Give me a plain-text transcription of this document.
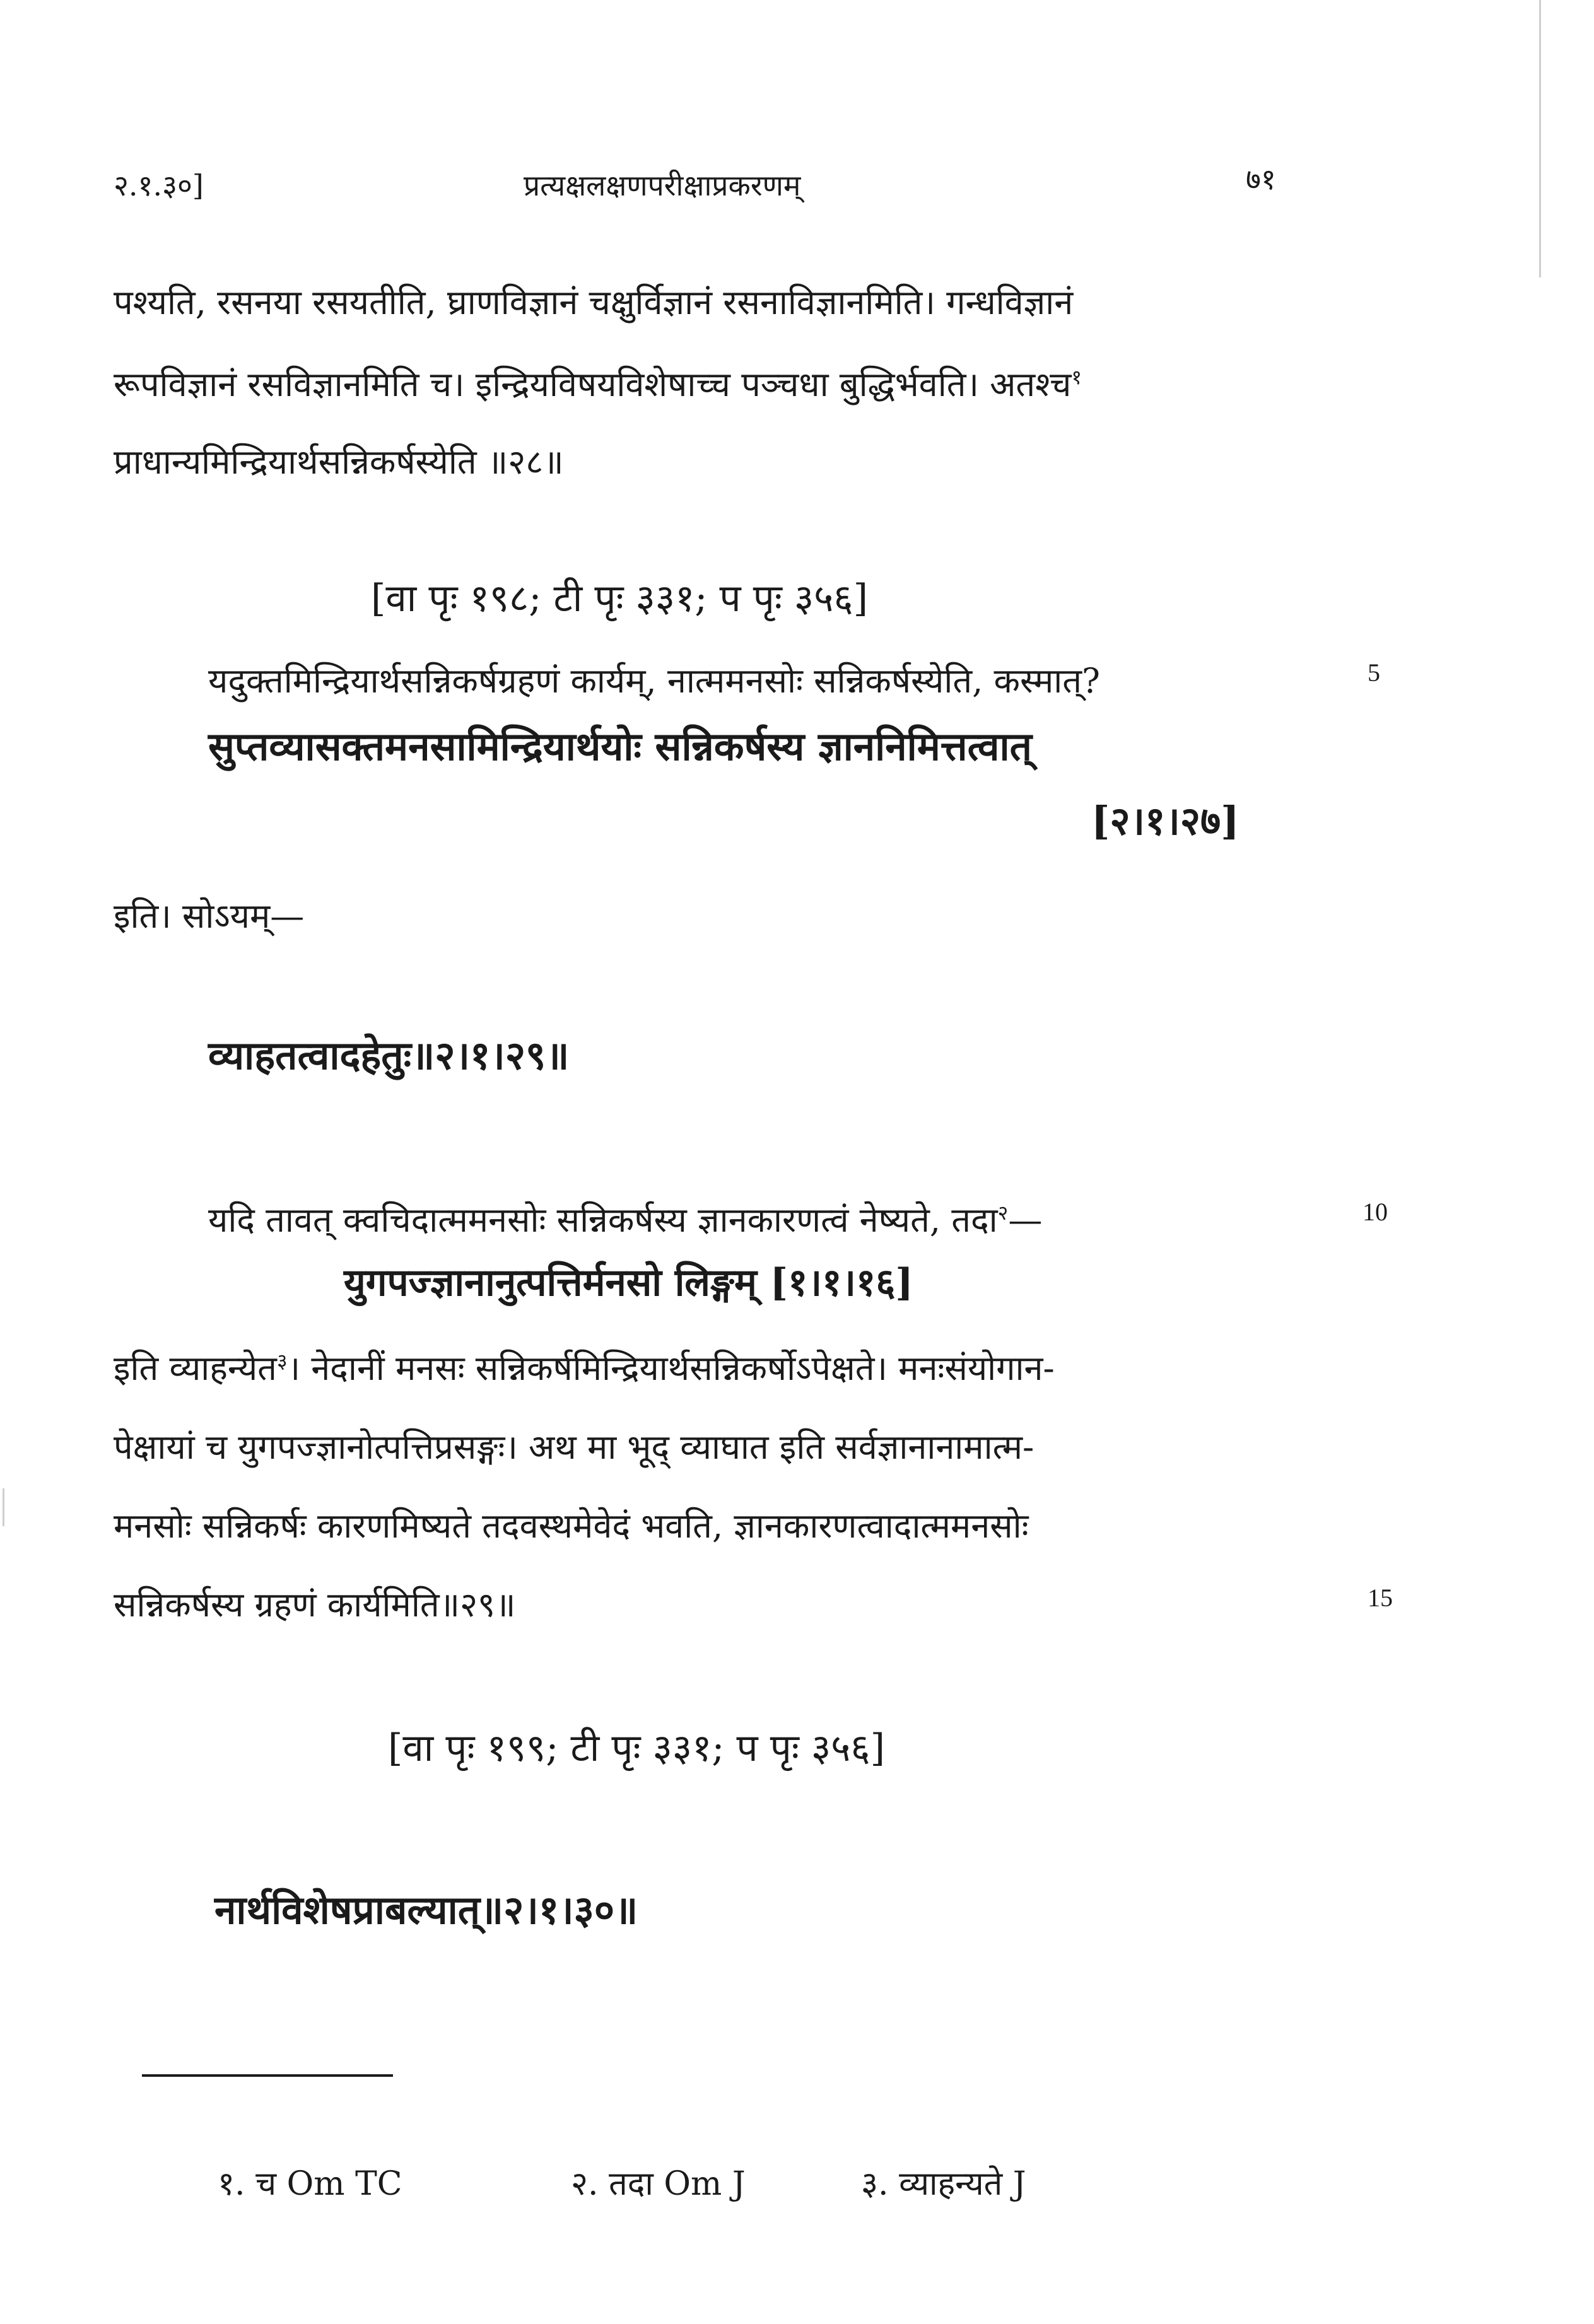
२.१.३०]	प्रत्यक्षलक्षणपरीक्षाप्रकरणम्	७१
पश्यति, रसनया रसयतीति, घ्राणविज्ञानं चक्षुर्विज्ञानं रसनाविज्ञानमिति। गन्धविज्ञानं
रूपविज्ञानं रसविज्ञानमिति च। इन्द्रियविषयविशेषाच्च पञ्चधा बुद्धिर्भवति। अतश्च$^१$
प्राधान्यमिन्द्रियार्थसन्निकर्षस्येति ॥२८॥
[वा पृः १९८; टी पृः ३३१; प पृः ३५६]
यदुक्तमिन्द्रियार्थसन्निकर्षग्रहणं कार्यम्, नात्ममनसोः सन्निकर्षस्येति, कस्मात्?	5
सुप्तव्यासक्तमनसामिन्द्रियार्थयोः सन्निकर्षस्य ज्ञाननिमित्तत्वात्
[२।१।२७]
इति। सोऽयम्—
व्याहतत्वादहेतुः॥२।१।२९॥
यदि तावत् क्वचिदात्ममनसोः सन्निकर्षस्य ज्ञानकारणत्वं नेष्यते, तदा$^२$—	10
युगपज्ज्ञानानुत्पत्तिर्मनसो लिङ्गम् [१।१।१६]
इति व्याहन्येत$^३$। नेदानीं मनसः सन्निकर्षमिन्द्रियार्थसन्निकर्षोऽपेक्षते। मनःसंयोगान-
पेक्षायां च युगपज्ज्ञानोत्पत्तिप्रसङ्गः। अथ मा भूद् व्याघात इति सर्वज्ञानानामात्म-
मनसोः सन्निकर्षः कारणमिष्यते तदवस्थमेवेदं भवति, ज्ञानकारणत्वादात्ममनसोः
सन्निकर्षस्य ग्रहणं कार्यमिति॥२९॥	15
[वा पृः १९९; टी पृः ३३१; प पृः ३५६]
नार्थविशेषप्राबल्यात्॥२।१।३०॥
१. च Om TC	२. तदा Om J	३. व्याहन्यते J
